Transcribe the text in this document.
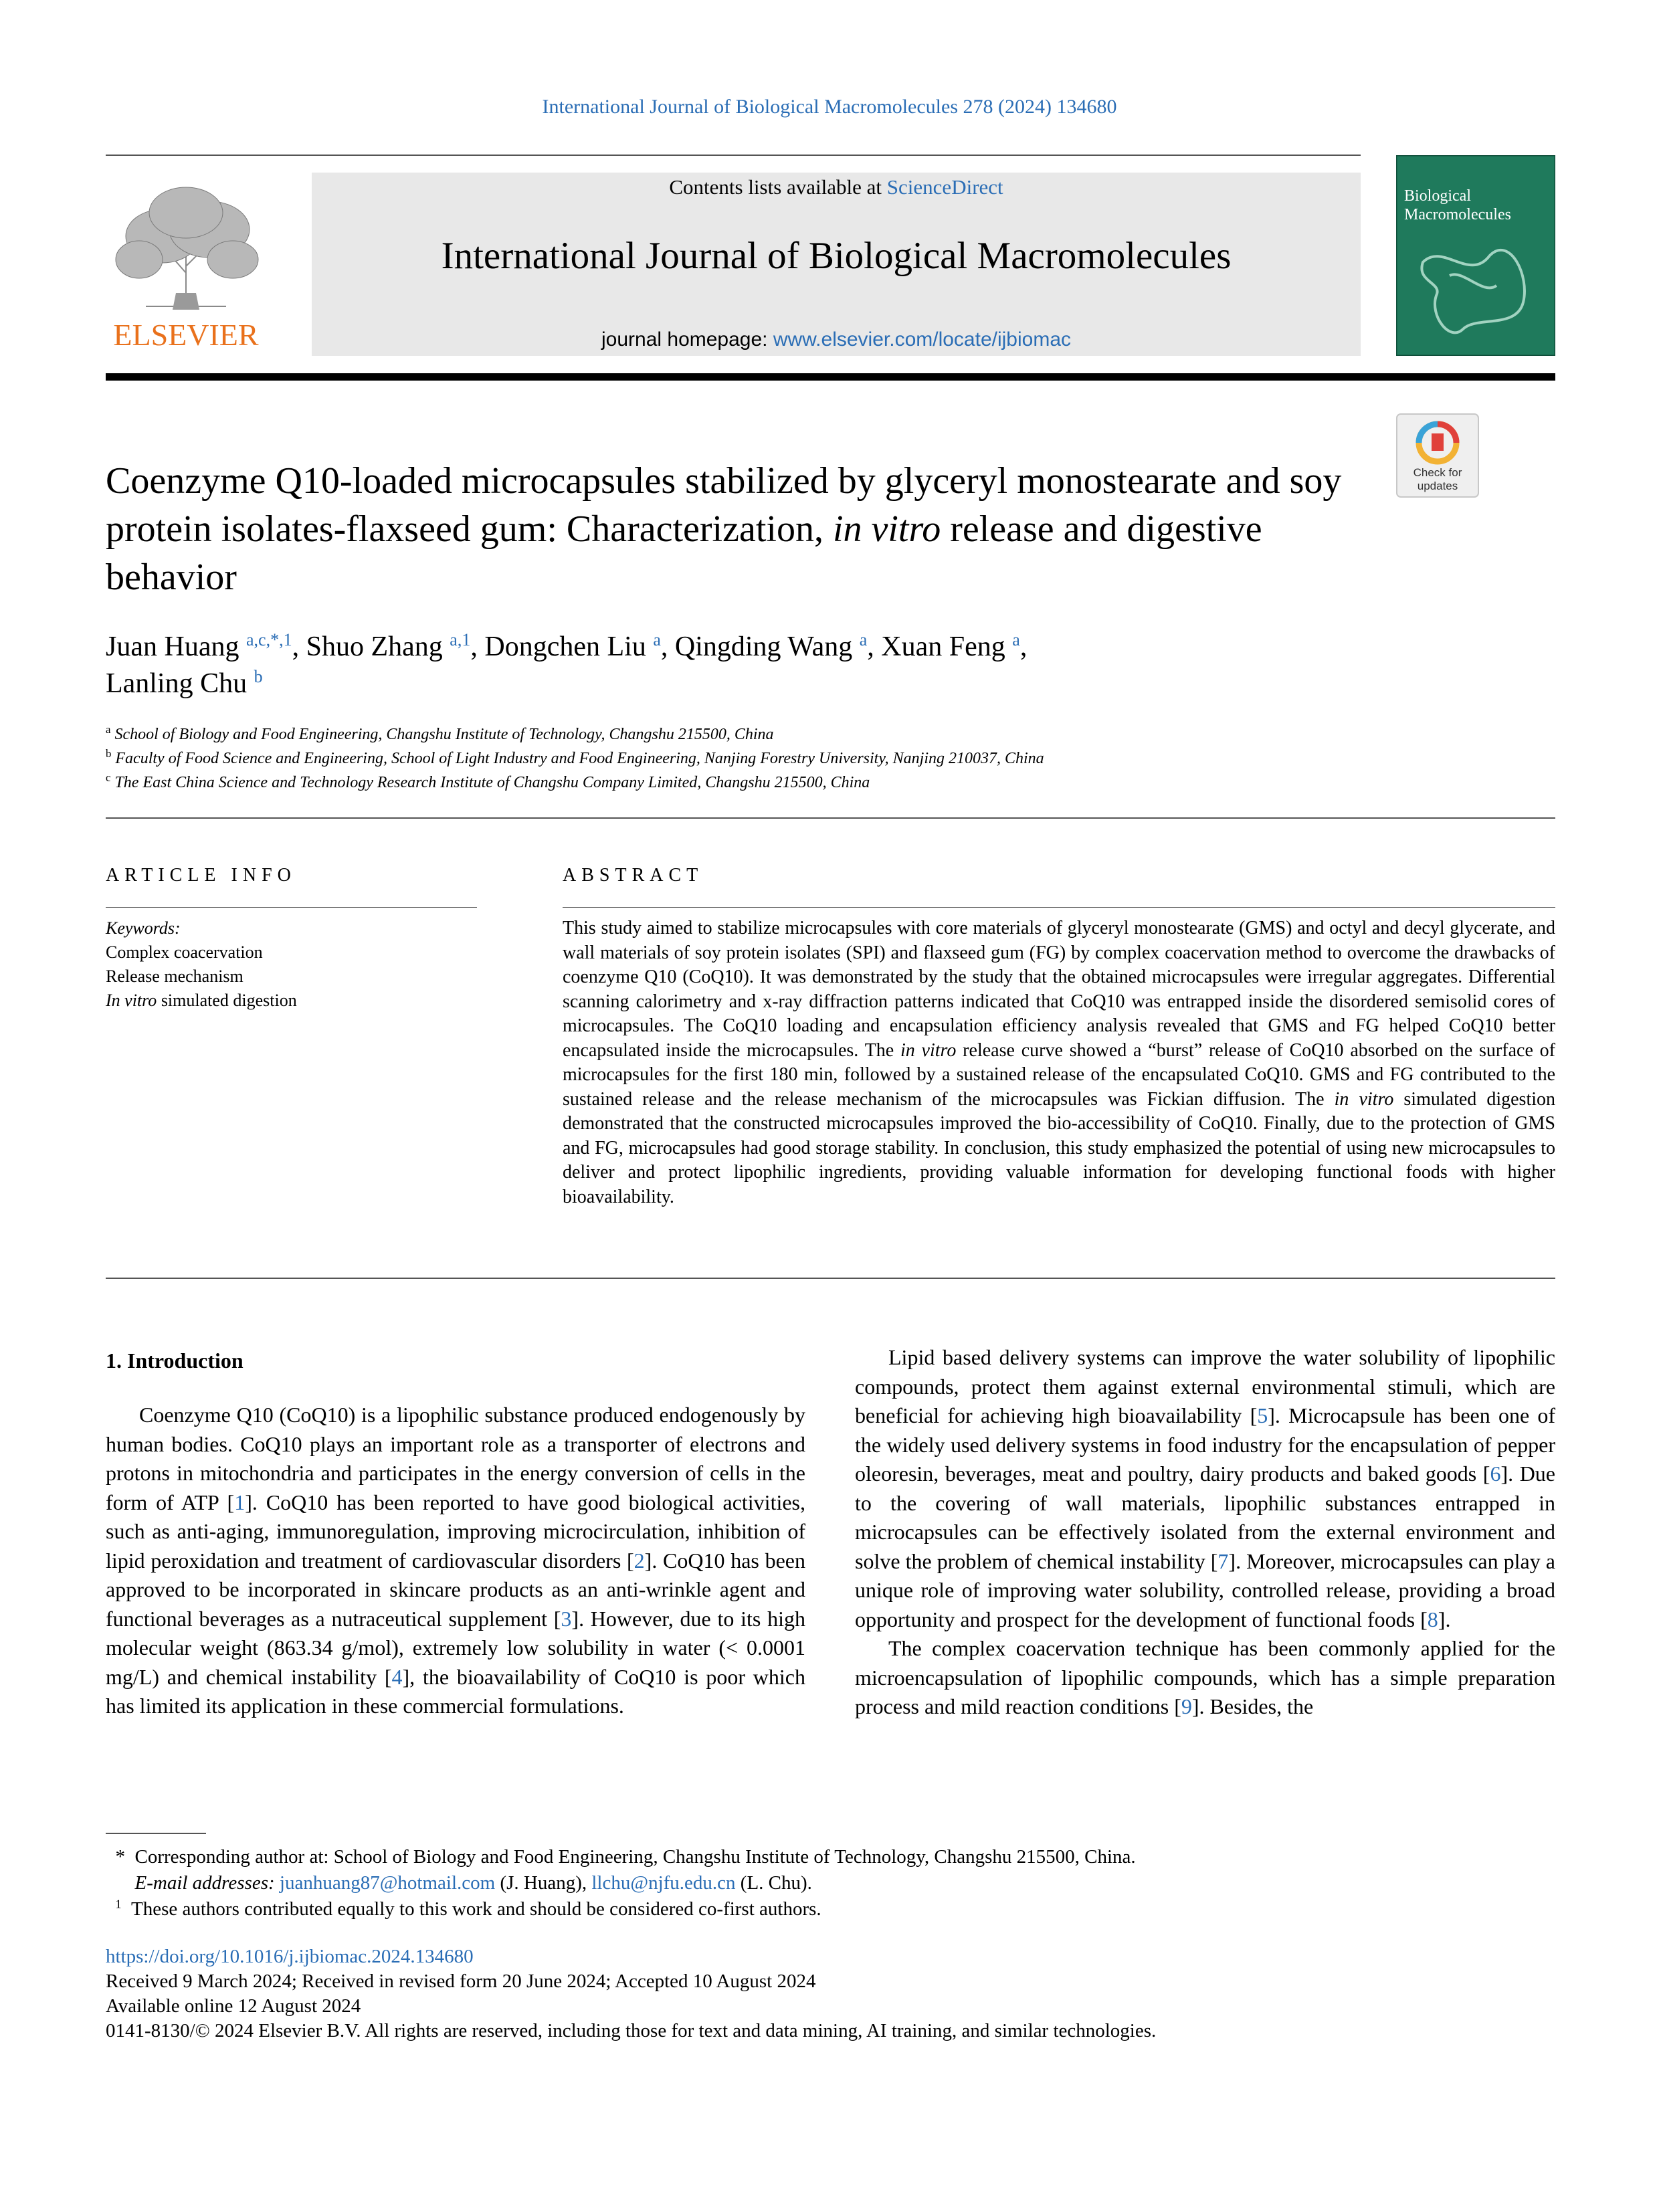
International Journal of Biological Macromolecules 278 (2024) 134680
ELSEVIER
Contents lists available at ScienceDirect
International Journal of Biological Macromolecules
journal homepage: www.elsevier.com/locate/ijbiomac
Biological
Macromolecules
Check for
updates
Coenzyme Q10-loaded microcapsules stabilized by glyceryl monostearate and soy protein isolates-flaxseed gum: Characterization, in vitro release and digestive behavior
Juan Huang $^{a,c,*,1}$, Shuo Zhang $^{a,1}$, Dongchen Liu $^a$, Qingding Wang $^a$, Xuan Feng $^a$,
Lanling Chu $^b$
$^a$ School of Biology and Food Engineering, Changshu Institute of Technology, Changshu 215500, China
$^b$ Faculty of Food Science and Engineering, School of Light Industry and Food Engineering, Nanjing Forestry University, Nanjing 210037, China
$^c$ The East China Science and Technology Research Institute of Changshu Company Limited, Changshu 215500, China
ARTICLE INFO	ABSTRACT
Keywords:
Complex coacervation
Release mechanism
In vitro simulated digestion
This study aimed to stabilize microcapsules with core materials of glyceryl monostearate (GMS) and octyl and decyl glycerate, and wall materials of soy protein isolates (SPI) and flaxseed gum (FG) by complex coacervation method to overcome the drawbacks of coenzyme Q10 (CoQ10). It was demonstrated by the study that the obtained microcapsules were irregular aggregates. Differential scanning calorimetry and x-ray diffraction patterns indicated that CoQ10 was entrapped inside the disordered semisolid cores of microcapsules. The CoQ10 loading and encapsulation efficiency analysis revealed that GMS and FG helped CoQ10 better encapsulated inside the microcapsules. The in vitro release curve showed a “burst” release of CoQ10 absorbed on the surface of microcapsules for the first 180 min, followed by a sustained release of the encapsulated CoQ10. GMS and FG contributed to the sustained release and the release mechanism of the microcapsules was Fickian diffusion. The in vitro simulated digestion demonstrated that the constructed microcapsules improved the bio-accessibility of CoQ10. Finally, due to the protection of GMS and FG, microcapsules had good storage stability. In conclusion, this study emphasized the potential of using new microcapsules to deliver and protect lipophilic ingredients, providing valuable information for developing functional foods with higher bioavailability.
1. Introduction

Coenzyme Q10 (CoQ10) is a lipophilic substance produced endogenously by human bodies. CoQ10 plays an important role as a transporter of electrons and protons in mitochondria and participates in the energy conversion of cells in the form of ATP [1]. CoQ10 has been reported to have good biological activities, such as anti-aging, immunoregulation, improving microcirculation, inhibition of lipid peroxidation and treatment of cardiovascular disorders [2]. CoQ10 has been approved to be incorporated in skincare products as an anti-wrinkle agent and functional beverages as a nutraceutical supplement [3]. However, due to its high molecular weight (863.34 g/mol), extremely low solubility in water (< 0.0001 mg/L) and chemical instability [4], the bioavailability of CoQ10 is poor which has limited its application in these commercial formulations.

Lipid based delivery systems can improve the water solubility of lipophilic compounds, protect them against external environmental stimuli, which are beneficial for achieving high bioavailability [5]. Microcapsule has been one of the widely used delivery systems in food industry for the encapsulation of pepper oleoresin, beverages, meat and poultry, dairy products and baked goods [6]. Due to the covering of wall materials, lipophilic substances entrapped in microcapsules can be effectively isolated from the external environment and solve the problem of chemical instability [7]. Moreover, microcapsules can play a unique role of improving water solubility, controlled release, providing a broad opportunity and prospect for the development of functional foods [8].

The complex coacervation technique has been commonly applied for the microencapsulation of lipophilic compounds, which has a simple preparation process and mild reaction conditions [9]. Besides, the

* Corresponding author at: School of Biology and Food Engineering, Changshu Institute of Technology, Changshu 215500, China.

E-mail addresses: juanhuang87@hotmail.com (J. Huang), llchu@njfu.edu.cn (L. Chu).

$^1$ These authors contributed equally to this work and should be considered co-first authors.

https://doi.org/10.1016/j.ijbiomac.2024.134680

Received 9 March 2024; Received in revised form 20 June 2024; Accepted 10 August 2024

Available online 12 August 2024

0141-8130/© 2024 Elsevier B.V. All rights are reserved, including those for text and data mining, AI training, and similar technologies.
